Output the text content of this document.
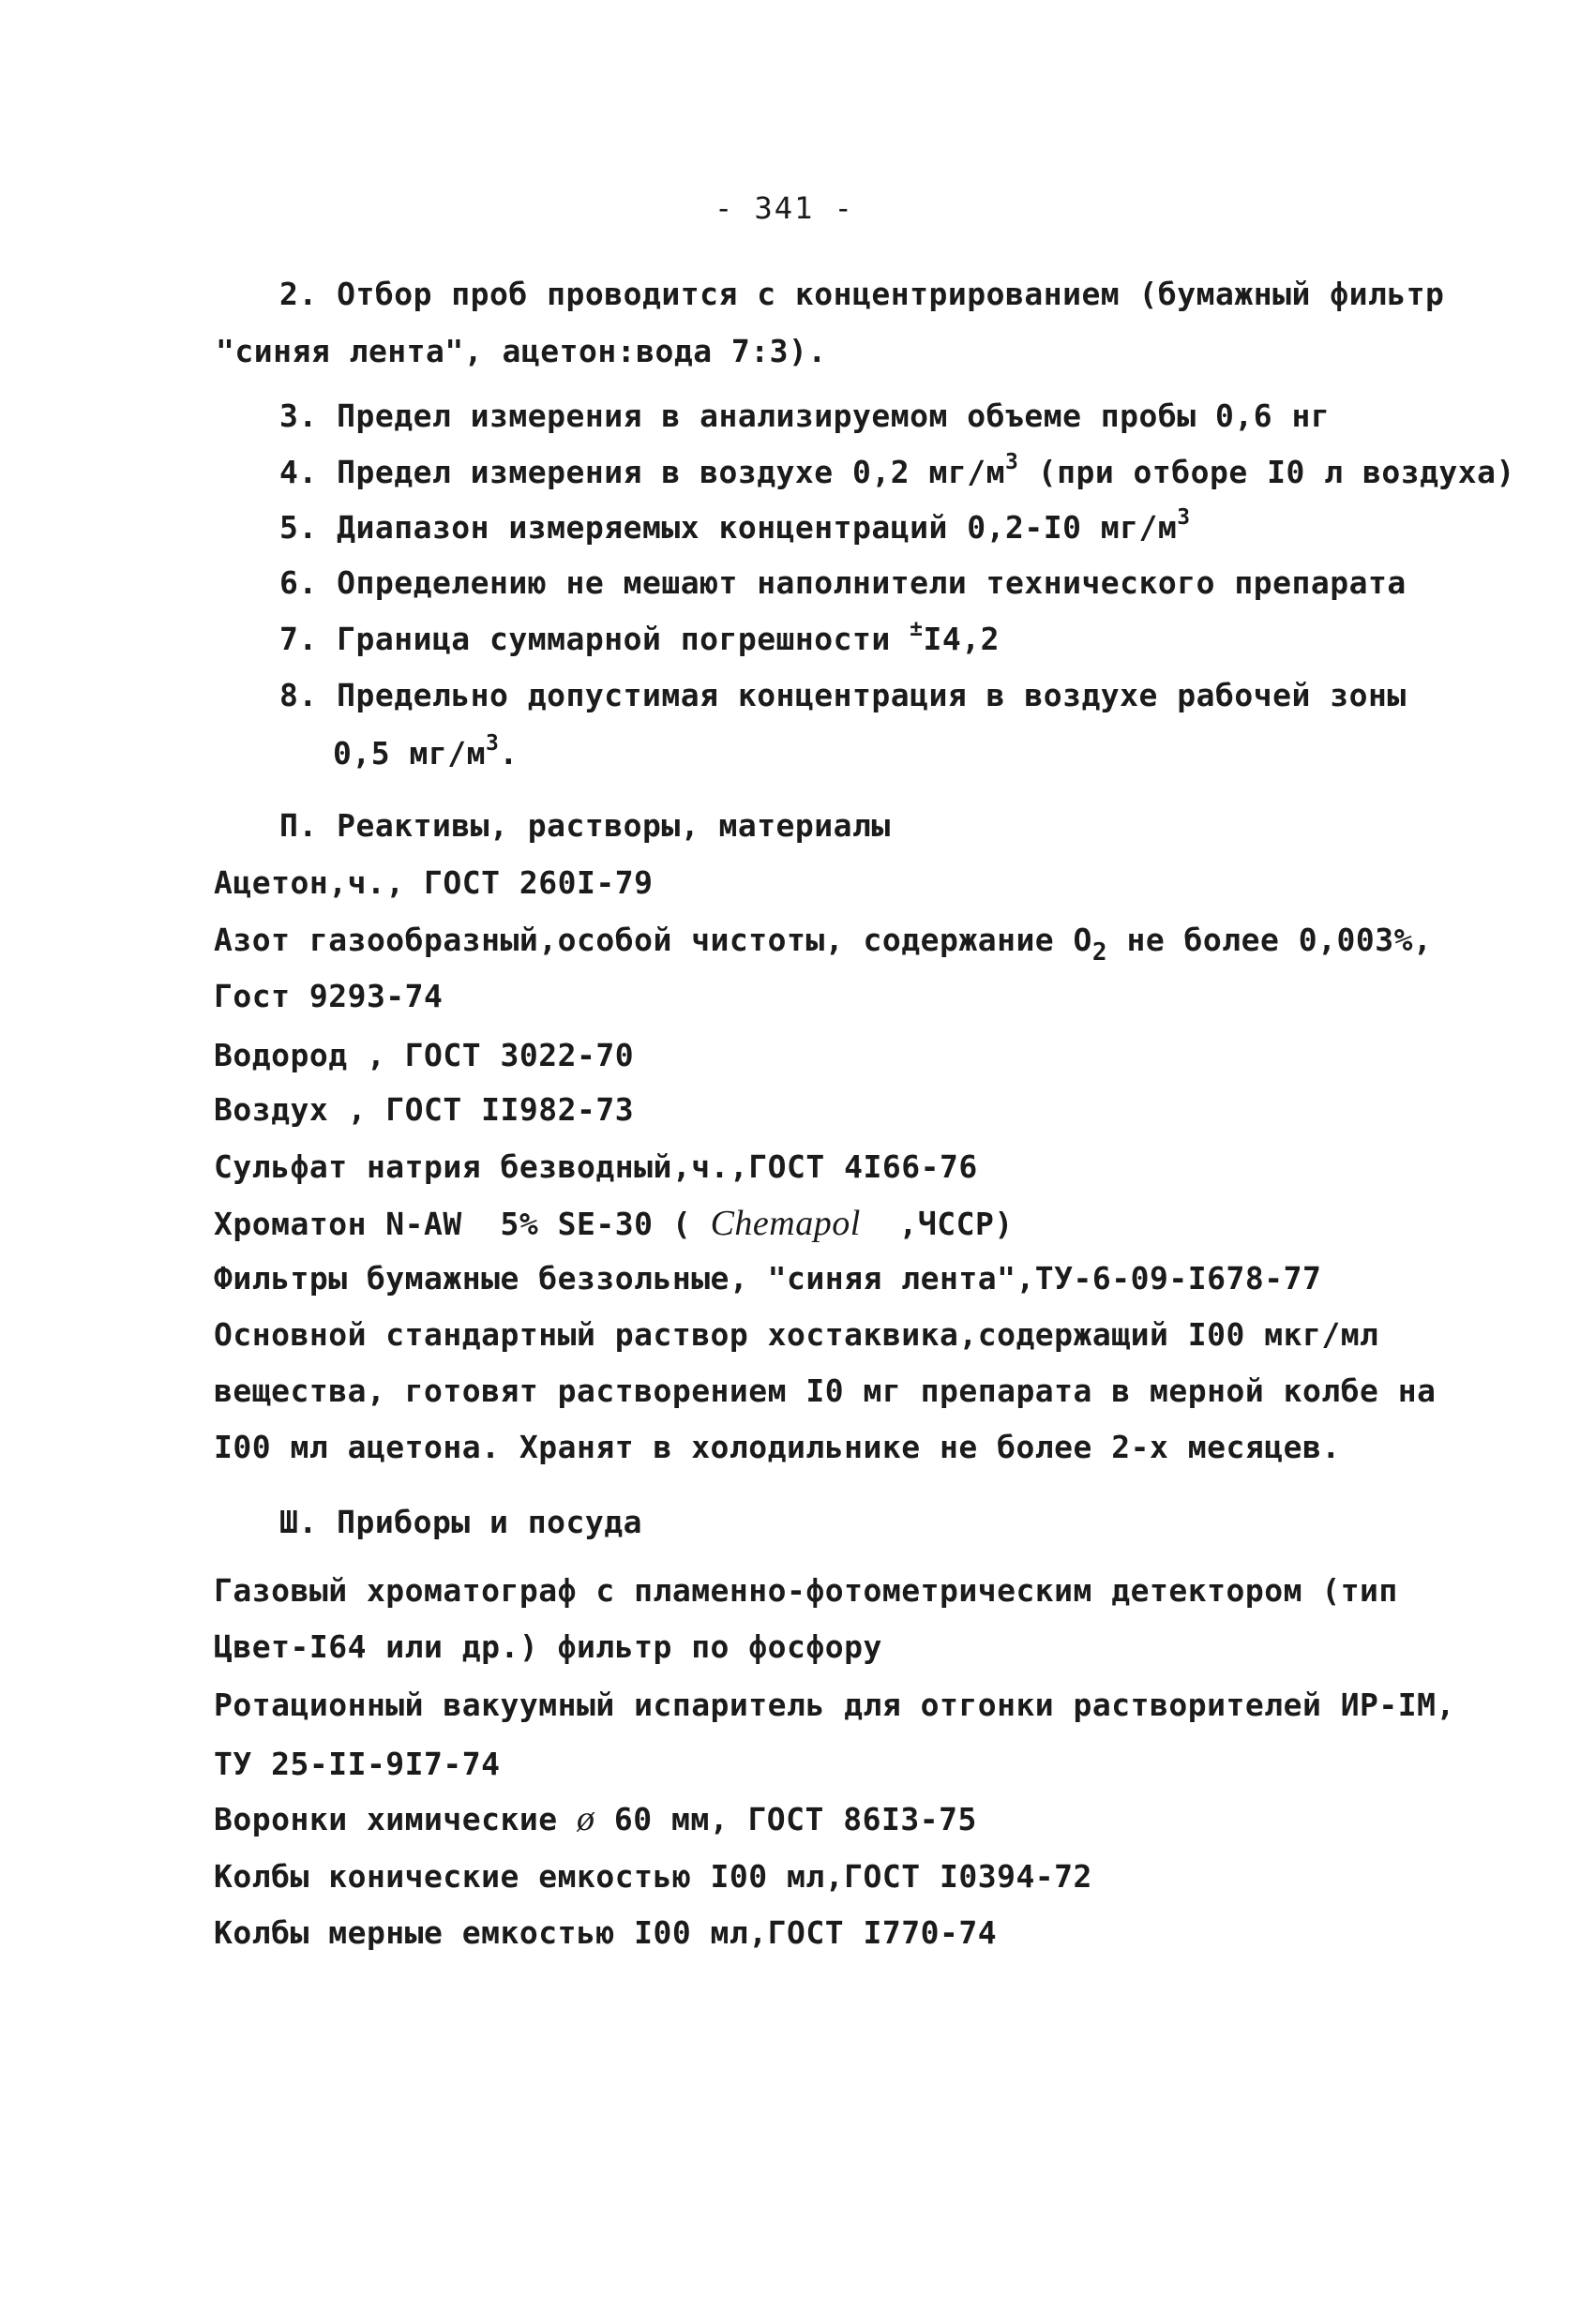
- 341 -
2. Отбор проб проводится с концентрированием (бумажный фильтр
"синяя лента", ацетон:вода 7:3).
3. Предел измерения в анализируемом объеме пробы 0,6 нг
4. Предел измерения в воздухе 0,2 $мг/м^3$ (при отборе I0 л воздуха)
5. Диапазон измеряемых концентраций 0,2-I0 $мг/м^3$
6. Определению не мешают наполнители технического препарата
7. Граница суммарной погрешности ±I4,2
8. Предельно допустимая концентрация в воздухе рабочей зоны
0,5 $мг/м^3$.
П. Реактивы, растворы, материалы
Ацетон,ч., ГОСТ 260I-79
Азот газообразный,особой чистоты, содержание $O_2$ не более 0,003%,
Гост 9293-74
Водород , ГОСТ 3022-70
Воздух , ГОСТ II982-73
Сульфат натрия безводный,ч.,ГОСТ 4I66-76
Хроматон N-AW  5% SE-30 ( Chemapol  ,ЧССР)
Фильтры бумажные беззольные, "синяя лента",ТУ-6-09-I678-77
Основной стандартный раствор хостаквика,содержащий I00 мкг/мл
вещества, готовят растворением I0 мг препарата в мерной колбе на
I00 мл ацетона. Хранят в холодильнике не более 2-х месяцев.
Ш. Приборы и посуда
Газовый хроматограф с пламенно-фотометрическим детектором (тип
Цвет-I64 или др.) фильтр по фосфору
Ротационный вакуумный испаритель для отгонки растворителей ИР-IM,
ТУ 25-II-9I7-74
Воронки химические ø 60 мм, ГОСТ 86I3-75
Колбы конические емкостью I00 мл,ГОСТ I0394-72
Колбы мерные емкостью I00 мл,ГОСТ I770-74
